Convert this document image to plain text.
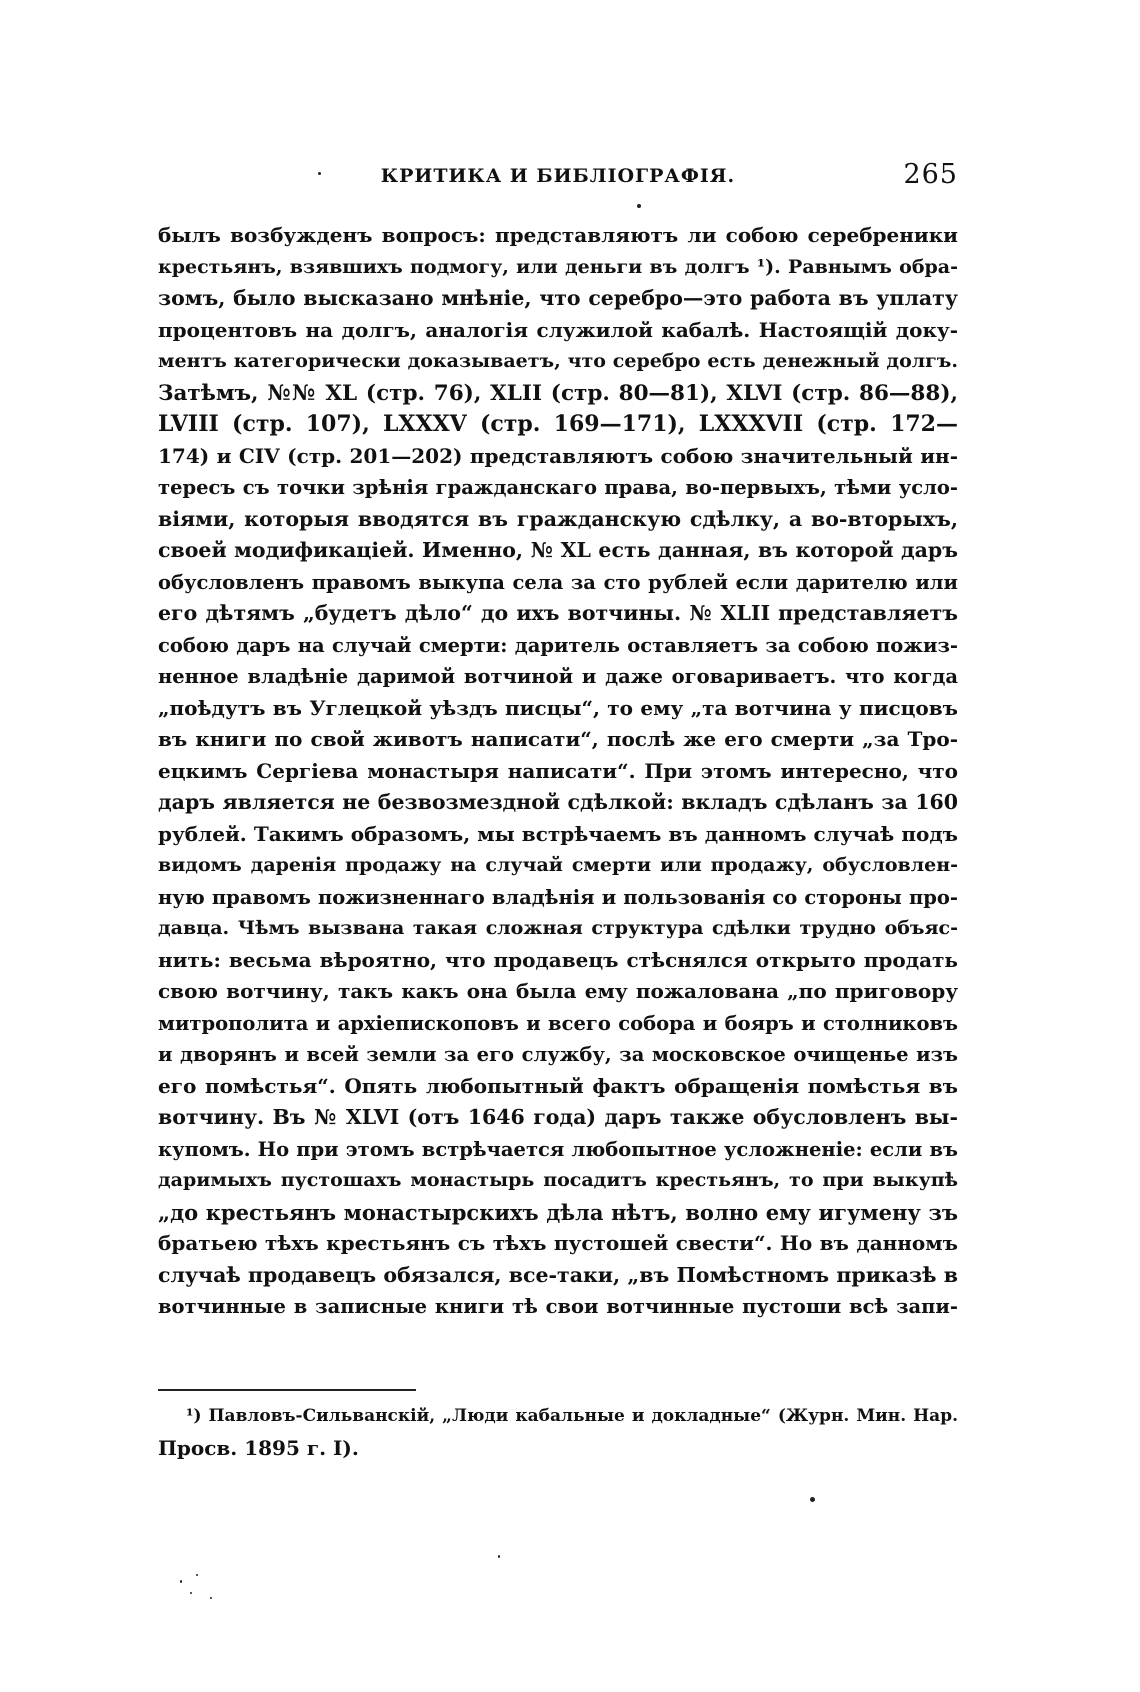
КРИТИКА И БИБЛІОГРАФІЯ.	265
былъ возбужденъ вопросъ: представляютъ ли собою серебреники
крестьянъ, взявшихъ подмогу, или деньги въ долгъ ¹). Равнымъ обра-
зомъ, было высказано мнѣніе, что серебро—это работа въ уплату
процентовъ на долгъ, аналогія служилой кабалѣ. Настоящій доку-
ментъ категорически доказываетъ, что серебро есть денежный долгъ.
Затѣмъ, №№ XL (стр. 76), XLII (стр. 80—81), XLVI (стр. 86—88),
LVIII (стр. 107), LXXXV (стр. 169—171), LXXXVII (стр. 172—
174) и CIV (стр. 201—202) представляютъ собою значительный ин-
тересъ съ точки зрѣнія гражданскаго права, во-первыхъ, тѣми усло-
віями, которыя вводятся въ гражданскую сдѣлку, а во-вторыхъ,
своей модификаціей. Именно, № XL есть данная, въ которой даръ
обусловленъ правомъ выкупа села за сто рублей если дарителю или
его дѣтямъ „будетъ дѣло“ до ихъ вотчины. № XLII представляетъ
собою даръ на случай смерти: даритель оставляетъ за собою пожиз-
ненное владѣніе даримой вотчиной и даже оговариваетъ. что когда
„поѣдутъ въ Углецкой уѣздъ писцы“, то ему „та вотчина у писцовъ
въ книги по свой животъ написати“, послѣ же его смерти „за Тро-
ецкимъ Сергіева монастыря написати“. При этомъ интересно, что
даръ является не безвозмездной сдѣлкой: вкладъ сдѣланъ за 160
рублей. Такимъ образомъ, мы встрѣчаемъ въ данномъ случаѣ подъ
видомъ даренія продажу на случай смерти или продажу, обусловлен-
ную правомъ пожизненнаго владѣнія и пользованія со стороны про-
давца. Чѣмъ вызвана такая сложная структура сдѣлки трудно объяс-
нить: весьма вѣроятно, что продавецъ стѣснялся открыто продать
свою вотчину, такъ какъ она была ему пожалована „по приговору
митрополита и архіепископовъ и всего собора и бояръ и столниковъ
и дворянъ и всей земли за его службу, за московское очищенье изъ
его помѣстья“. Опять любопытный фактъ обращенія помѣстья въ
вотчину. Въ № XLVI (отъ 1646 года) даръ также обусловленъ вы-
купомъ. Но при этомъ встрѣчается любопытное усложненіе: если въ
даримыхъ пустошахъ монастырь посадитъ крестьянъ, то при выкупѣ
„до крестьянъ монастырскихъ дѣла нѣтъ, волно ему игумену зъ
братьею тѣхъ крестьянъ съ тѣхъ пустошей свести“. Но въ данномъ
случаѣ продавецъ обязался, все-таки, „въ Помѣстномъ приказѣ в
вотчинные в записные книги тѣ свои вотчинные пустоши всѣ запи-
¹) Павловъ-Сильванскій, „Люди кабальные и докладные“ (Журн. Мин. Нар.
Просв. 1895 г. I).
